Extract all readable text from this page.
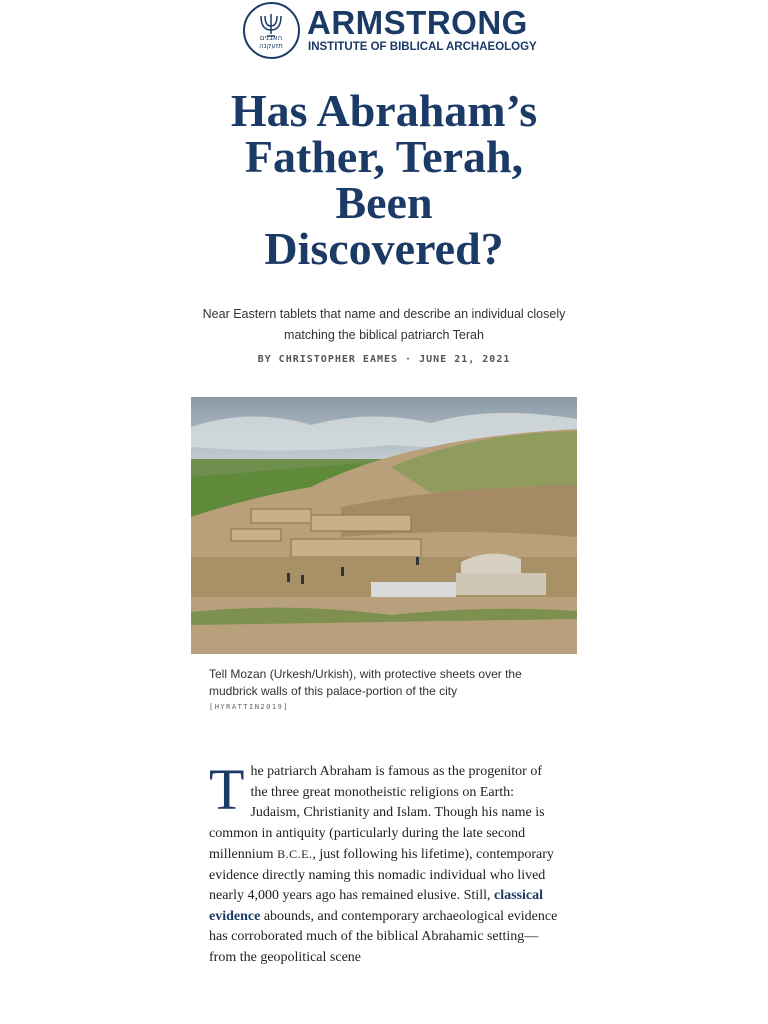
האבנים תזעקנה
ARMSTRONG
INSTITUTE OF BIBLICAL ARCHAEOLOGY
Has Abraham’s
Father, Terah,
Been
Discovered?

Near Eastern tablets that name and describe an individual closely matching the biblical patriarch Terah

BY CHRISTOPHER EAMES · JUNE 21, 2021
Tell Mozan (Urkesh/Urkish), with protective sheets over the mudbrick walls of this palace-portion of the city
[HYRATTIN2019]
The patriarch Abraham is famous as the progenitor of the three great monotheistic religions on Earth: Judaism, Christianity and Islam. Though his name is common in antiquity (particularly during the late second millennium B.C.E., just following his lifetime), contemporary evidence directly naming this nomadic individual who lived nearly 4,000 years ago has remained elusive. Still, classical evidence abounds, and contemporary archaeological evidence has corroborated much of the biblical Abrahamic setting—from the geopolitical scene
